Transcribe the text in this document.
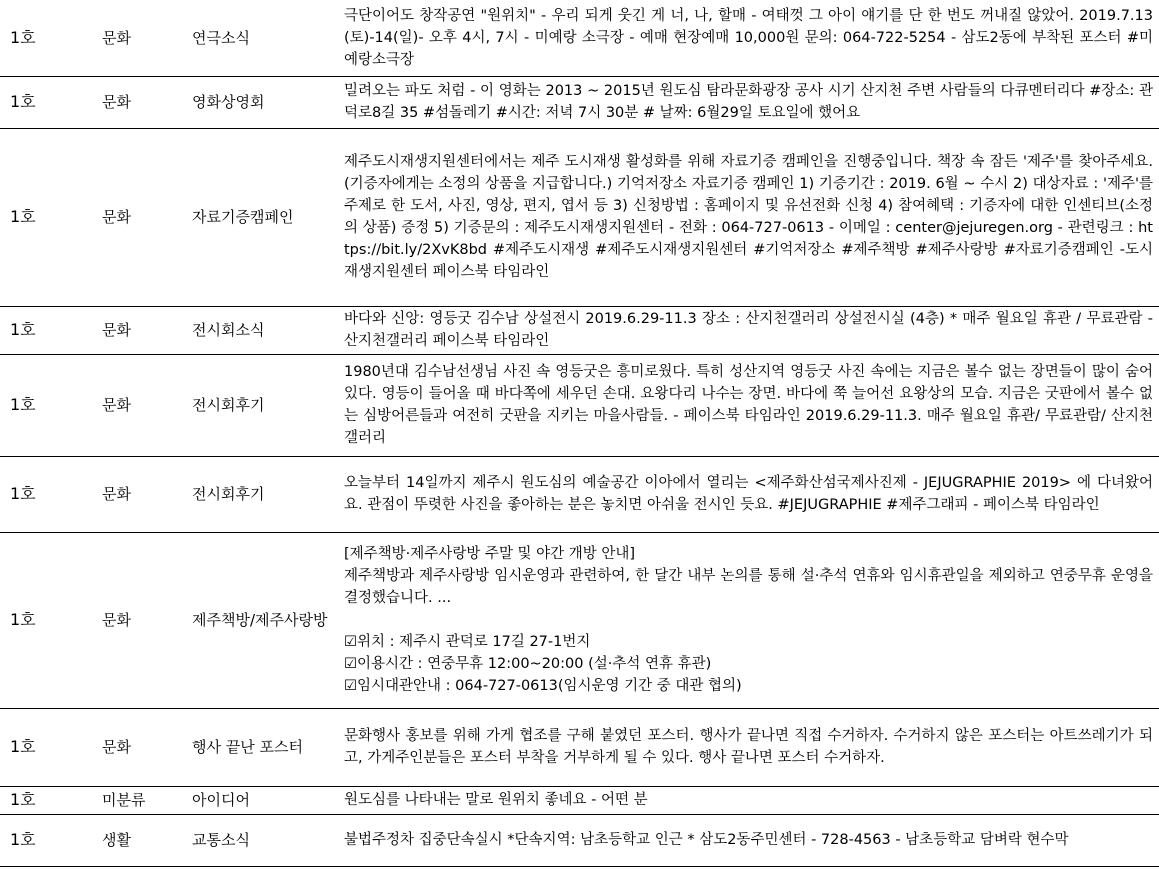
1호	문화	연극소식	극단이어도 창작공연 "원위치" - 우리 되게 웃긴 게 너, 나, 할매 - 여태껏 그 아이 얘기를 단 한 번도 꺼내질 않았어. 2019.7.13(토)-14(일)- 오후 4시, 7시 - 미예랑 소극장 - 예매 현장예매 10,000원 문의: 064-722-5254 - 삼도2동에 부착된 포스터 #미예랑소극장
1호	문화	영화상영회	밀려오는 파도 처럼 - 이 영화는 2013 ~ 2015년 원도심 탐라문화광장 공사 시기 산지천 주변 사람들의 다큐멘터리다 #장소: 관덕로8길 35 #섬돌레기 #시간: 저녁 7시 30분 # 날짜: 6월29일 토요일에 했어요
1호	문화	자료기증캠페인	제주도시재생지원센터에서는 제주 도시재생 활성화를 위해 자료기증 캠페인을 진행중입니다. 책장 속 잠든 '제주'를 찾아주세요. (기증자에게는 소정의 상품을 지급합니다.) 기억저장소 자료기증 캠페인 1) 기증기간 : 2019. 6월 ~ 수시 2) 대상자료 : '제주'를 주제로 한 도서, 사진, 영상, 편지, 엽서 등 3) 신청방법 : 홈페이지 및 유선전화 신청 4) 참여혜택 : 기증자에 대한 인센티브(소정의 상품) 증정 5) 기증문의 : 제주도시재생지원센터 - 전화 : 064-727-0613 - 이메일 : center@jejuregen.org - 관련링크 : https://bit.ly/2XvK8bd #제주도시재생 #제주도시재생지원센터 #기억저장소 #제주책방 #제주사랑방 #자료기증캠페인 -도시재생지원센터 페이스북 타임라인
1호	문화	전시회소식	바다와 신앙: 영등굿 김수남 상설전시 2019.6.29-11.3 장소 : 산지천갤러리 상설전시실 (4층) * 매주 월요일 휴관 / 무료관람 - 산지천갤러리 페이스북 타임라인
1호	문화	전시회후기	1980년대 김수남선생님 사진 속 영등굿은 흥미로웠다. 특히 성산지역 영등굿 사진 속에는 지금은 볼수 없는 장면들이 많이 숨어 있다. 영등이 들어올 때 바다쪽에 세우던 손대. 요왕다리 나수는 장면. 바다에 쭉 늘어선 요왕상의 모습. 지금은 굿판에서 볼수 없는 심방어른들과 여전히 굿판을 지키는 마을사람들. - 페이스북 타임라인 2019.6.29-11.3. 매주 월요일 휴관/ 무료관람/ 산지천갤러리
1호	문화	전시회후기	오늘부터 14일까지 제주시 원도심의 예술공간 이아에서 열리는 <제주화산섬국제사진제 - JEJUGRAPHIE 2019> 에 다녀왔어요. 관점이 뚜렷한 사진을 좋아하는 분은 놓치면 아쉬울 전시인 듯요. #JEJUGRAPHIE #제주그래피 - 페이스북 타임라인
1호	문화	제주책방/제주사랑방	[제주책방·제주사랑방 주말 및 야간 개방 안내]
제주책방과 제주사랑방 임시운영과 관련하여, 한 달간 내부 논의를 통해 설·추석 연휴와 임시휴관일을 제외하고 연중무휴 운영을 결정했습니다. ...

☑위치 : 제주시 관덕로 17길 27-1번지
☑이용시간 : 연중무휴 12:00~20:00 (설·추석 연휴 휴관)
☑임시대관안내 : 064-727-0613(임시운영 기간 중 대관 협의)

1호	문화	행사 끝난 포스터	문화행사 홍보를 위해 가게 협조를 구해 붙였던 포스터. 행사가 끝나면 직접 수거하자. 수거하지 않은 포스터는 아트쓰레기가 되고, 가게주인분들은 포스터 부착을 거부하게 될 수 있다. 행사 끝나면 포스터 수거하자.
1호	미분류	아이디어	원도심를 나타내는 말로 원위치 좋네요 - 어떤 분
1호	생활	교통소식	불법주정차 집중단속실시 *단속지역: 남초등학교 인근 * 삼도2동주민센터 - 728-4563 - 남초등학교 담벼락 현수막
